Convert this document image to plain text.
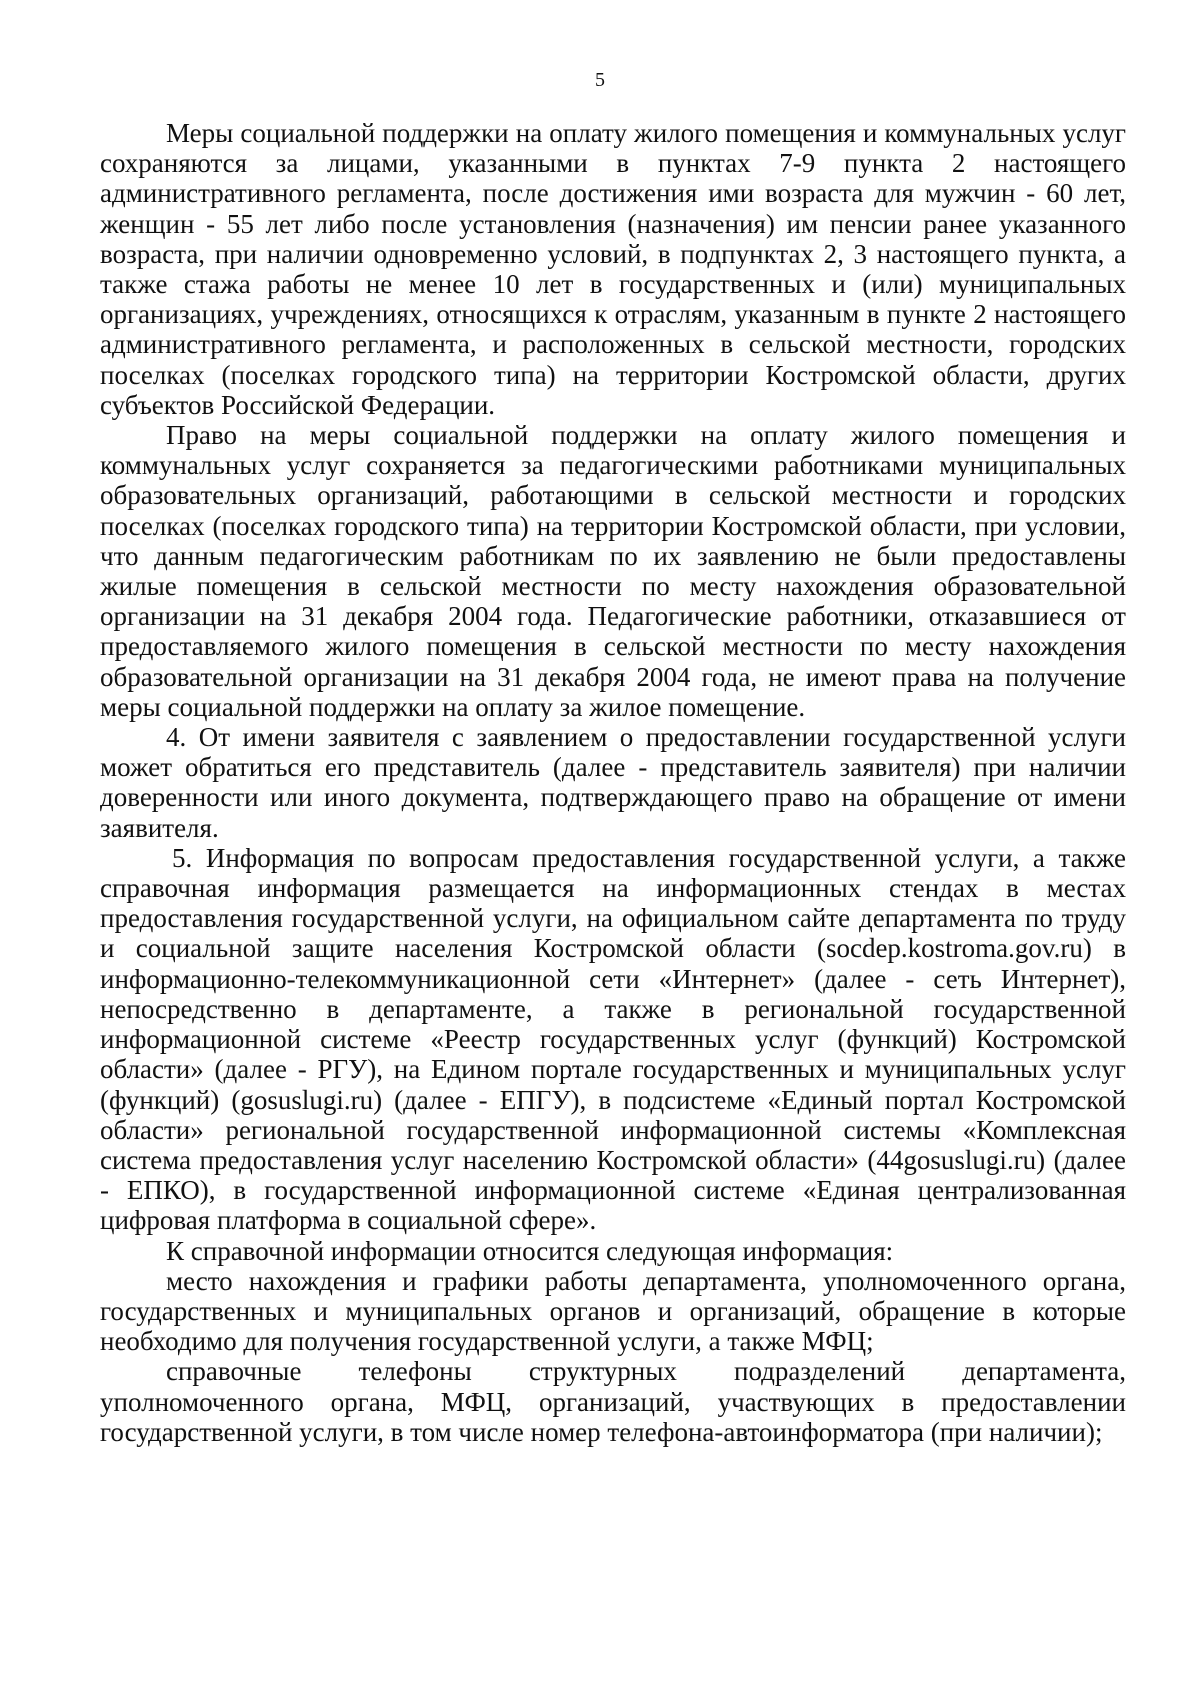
5

Меры социальной поддержки на оплату жилого помещения и коммунальных услуг сохраняются за лицами, указанными в пунктах 7-9 пункта 2 настоящего административного регламента, после достижения ими возраста для мужчин - 60 лет, женщин - 55 лет либо после установления (назначения) им пенсии ранее указанного возраста, при наличии одновременно условий, в подпунктах 2, 3 настоящего пункта, а также стажа работы не менее 10 лет в государственных и (или) муниципальных организациях, учреждениях, относящихся к отраслям, указанным в пункте 2 настоящего административного регламента, и расположенных в сельской местности, городских поселках (поселках городского типа) на территории Костромской области, других субъектов Российской Федерации.

Право на меры социальной поддержки на оплату жилого помещения и коммунальных услуг сохраняется за педагогическими работниками муниципальных образовательных организаций, работающими в сельской местности и городских поселках (поселках городского типа) на территории Костромской области, при условии, что данным педагогическим работникам по их заявлению не были предоставлены жилые помещения в сельской местности по месту нахождения образовательной организации на 31 декабря 2004 года. Педагогические работники, отказавшиеся от предоставляемого жилого помещения в сельской местности по месту нахождения образовательной организации на 31 декабря 2004 года, не имеют права на получение меры социальной поддержки на оплату за жилое помещение.

4. От имени заявителя с заявлением о предоставлении государственной услуги может обратиться его представитель (далее - представитель заявителя) при наличии доверенности или иного документа, подтверждающего право на обращение от имени заявителя.

5. Информация по вопросам предоставления государственной услуги, а также справочная информация размещается на информационных стендах в местах предоставления государственной услуги, на официальном сайте департамента по труду и социальной защите населения Костромской области (socdep.kostroma.gov.ru) в информационно-телекоммуникационной сети «Интернет» (далее - сеть Интернет), непосредственно в департаменте, а также в региональной государственной информационной системе «Реестр государственных услуг (функций) Костромской области» (далее - РГУ), на Едином портале государственных и муниципальных услуг (функций) (gosuslugi.ru) (далее - ЕПГУ), в подсистеме «Единый портал Костромской области» региональной государственной информационной системы «Комплексная система предоставления услуг населению Костромской области» (44gosuslugi.ru) (далее - ЕПКО), в государственной информационной системе «Единая централизованная цифровая платформа в социальной сфере».

К справочной информации относится следующая информация:

место нахождения и графики работы департамента, уполномоченного органа, государственных и муниципальных органов и организаций, обращение в которые необходимо для получения государственной услуги, а также МФЦ;

справочные телефоны структурных подразделений департамента, уполномоченного органа, МФЦ, организаций, участвующих в предоставлении государственной услуги, в том числе номер телефона-автоинформатора (при наличии);
